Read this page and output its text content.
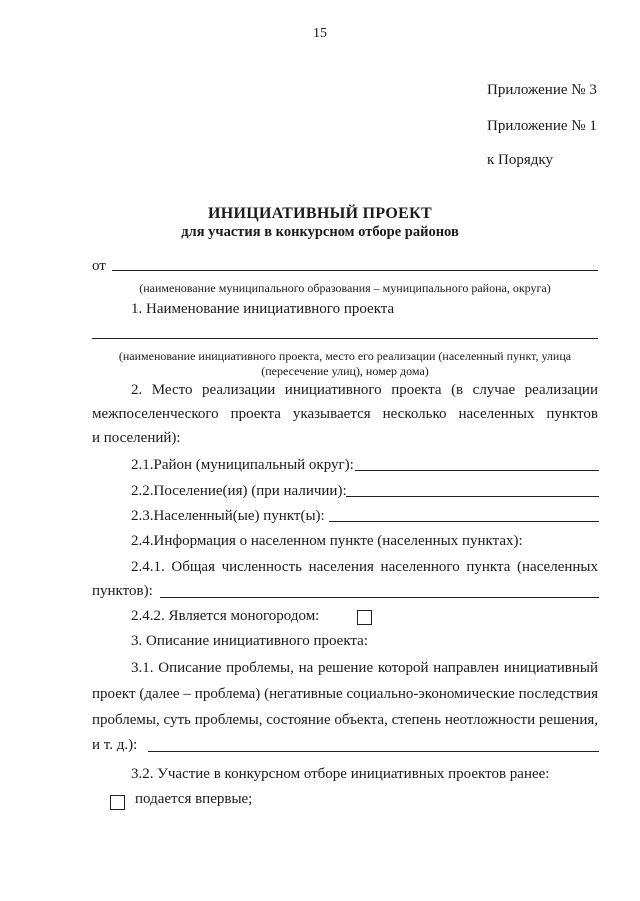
15
Приложение № 3
Приложение № 1
к Порядку
ИНИЦИАТИВНЫЙ ПРОЕКТ
для участия в конкурсном отборе районов
от
(наименование муниципального образования – муниципального района, округа)
1. Наименование инициативного проекта
(наименование инициативного проекта, место его реализации (населенный пункт, улица
(пересечение улиц), номер дома)
2. Место реализации инициативного проекта (в случае реализации
межпоселенческого проекта указывается несколько населенных пунктов
и поселений):
2.1.Район (муниципальный округ):
2.2.Поселение(ия) (при наличии):
2.3.Населенный(ые) пункт(ы):
2.4.Информация о населенном пункте (населенных пунктах):
2.4.1. Общая численность населения населенного пункта (населенных
пунктов):
2.4.2. Является моногородом:
3. Описание инициативного проекта:
3.1. Описание проблемы, на решение которой направлен инициативный
проект (далее – проблема) (негативные социально-экономические последствия
проблемы, суть проблемы, состояние объекта, степень неотложности решения,
и т. д.):
3.2. Участие в конкурсном отборе инициативных проектов ранее:
подается впервые;
